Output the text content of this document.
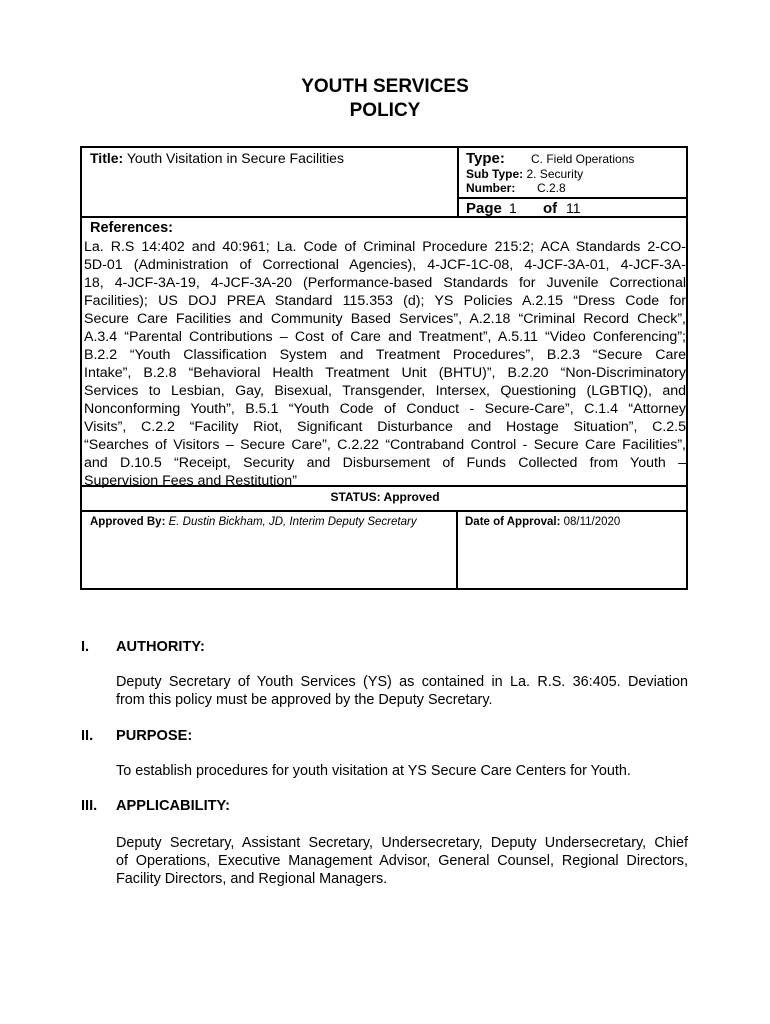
YOUTH SERVICES
POLICY
Title: Youth Visitation in Secure Facilities	Type: C. Field Operations
Sub Type: 2. Security
Number: C.2.8
Page 1 of 11
References:
La. R.S 14:402 and 40:961; La. Code of Criminal Procedure 215:2; ACA Standards 2-CO-
5D-01 (Administration of Correctional Agencies), 4-JCF-1C-08, 4-JCF-3A-01, 4-JCF-3A-
18, 4-JCF-3A-19, 4-JCF-3A-20 (Performance-based Standards for Juvenile Correctional
Facilities); US DOJ PREA Standard 115.353 (d); YS Policies A.2.15 “Dress Code for
Secure Care Facilities and Community Based Services”, A.2.18 “Criminal Record Check”,
A.3.4 “Parental Contributions – Cost of Care and Treatment”, A.5.11 “Video Conferencing”;
B.2.2 “Youth Classification System and Treatment Procedures”, B.2.3 “Secure Care
Intake”, B.2.8 “Behavioral Health Treatment Unit (BHTU)”, B.2.20 “Non-Discriminatory
Services to Lesbian, Gay, Bisexual, Transgender, Intersex, Questioning (LGBTIQ), and
Nonconforming Youth”, B.5.1 “Youth Code of Conduct - Secure-Care”, C.1.4 “Attorney
Visits”, C.2.2 “Facility Riot, Significant Disturbance and Hostage Situation”, C.2.5
“Searches of Visitors – Secure Care”, C.2.22 “Contraband Control - Secure Care Facilities”,
and D.10.5 “Receipt, Security and Disbursement of Funds Collected from Youth –
Supervision Fees and Restitution”
STATUS: Approved
Approved By: E. Dustin Bickham, JD, Interim Deputy Secretary	Date of Approval: 08/11/2020
I. AUTHORITY:
Deputy Secretary of Youth Services (YS) as contained in La. R.S. 36:405. Deviation
from this policy must be approved by the Deputy Secretary.
II. PURPOSE:
To establish procedures for youth visitation at YS Secure Care Centers for Youth.
III. APPLICABILITY:
Deputy Secretary, Assistant Secretary, Undersecretary, Deputy Undersecretary, Chief
of Operations, Executive Management Advisor, General Counsel, Regional Directors,
Facility Directors, and Regional Managers.
